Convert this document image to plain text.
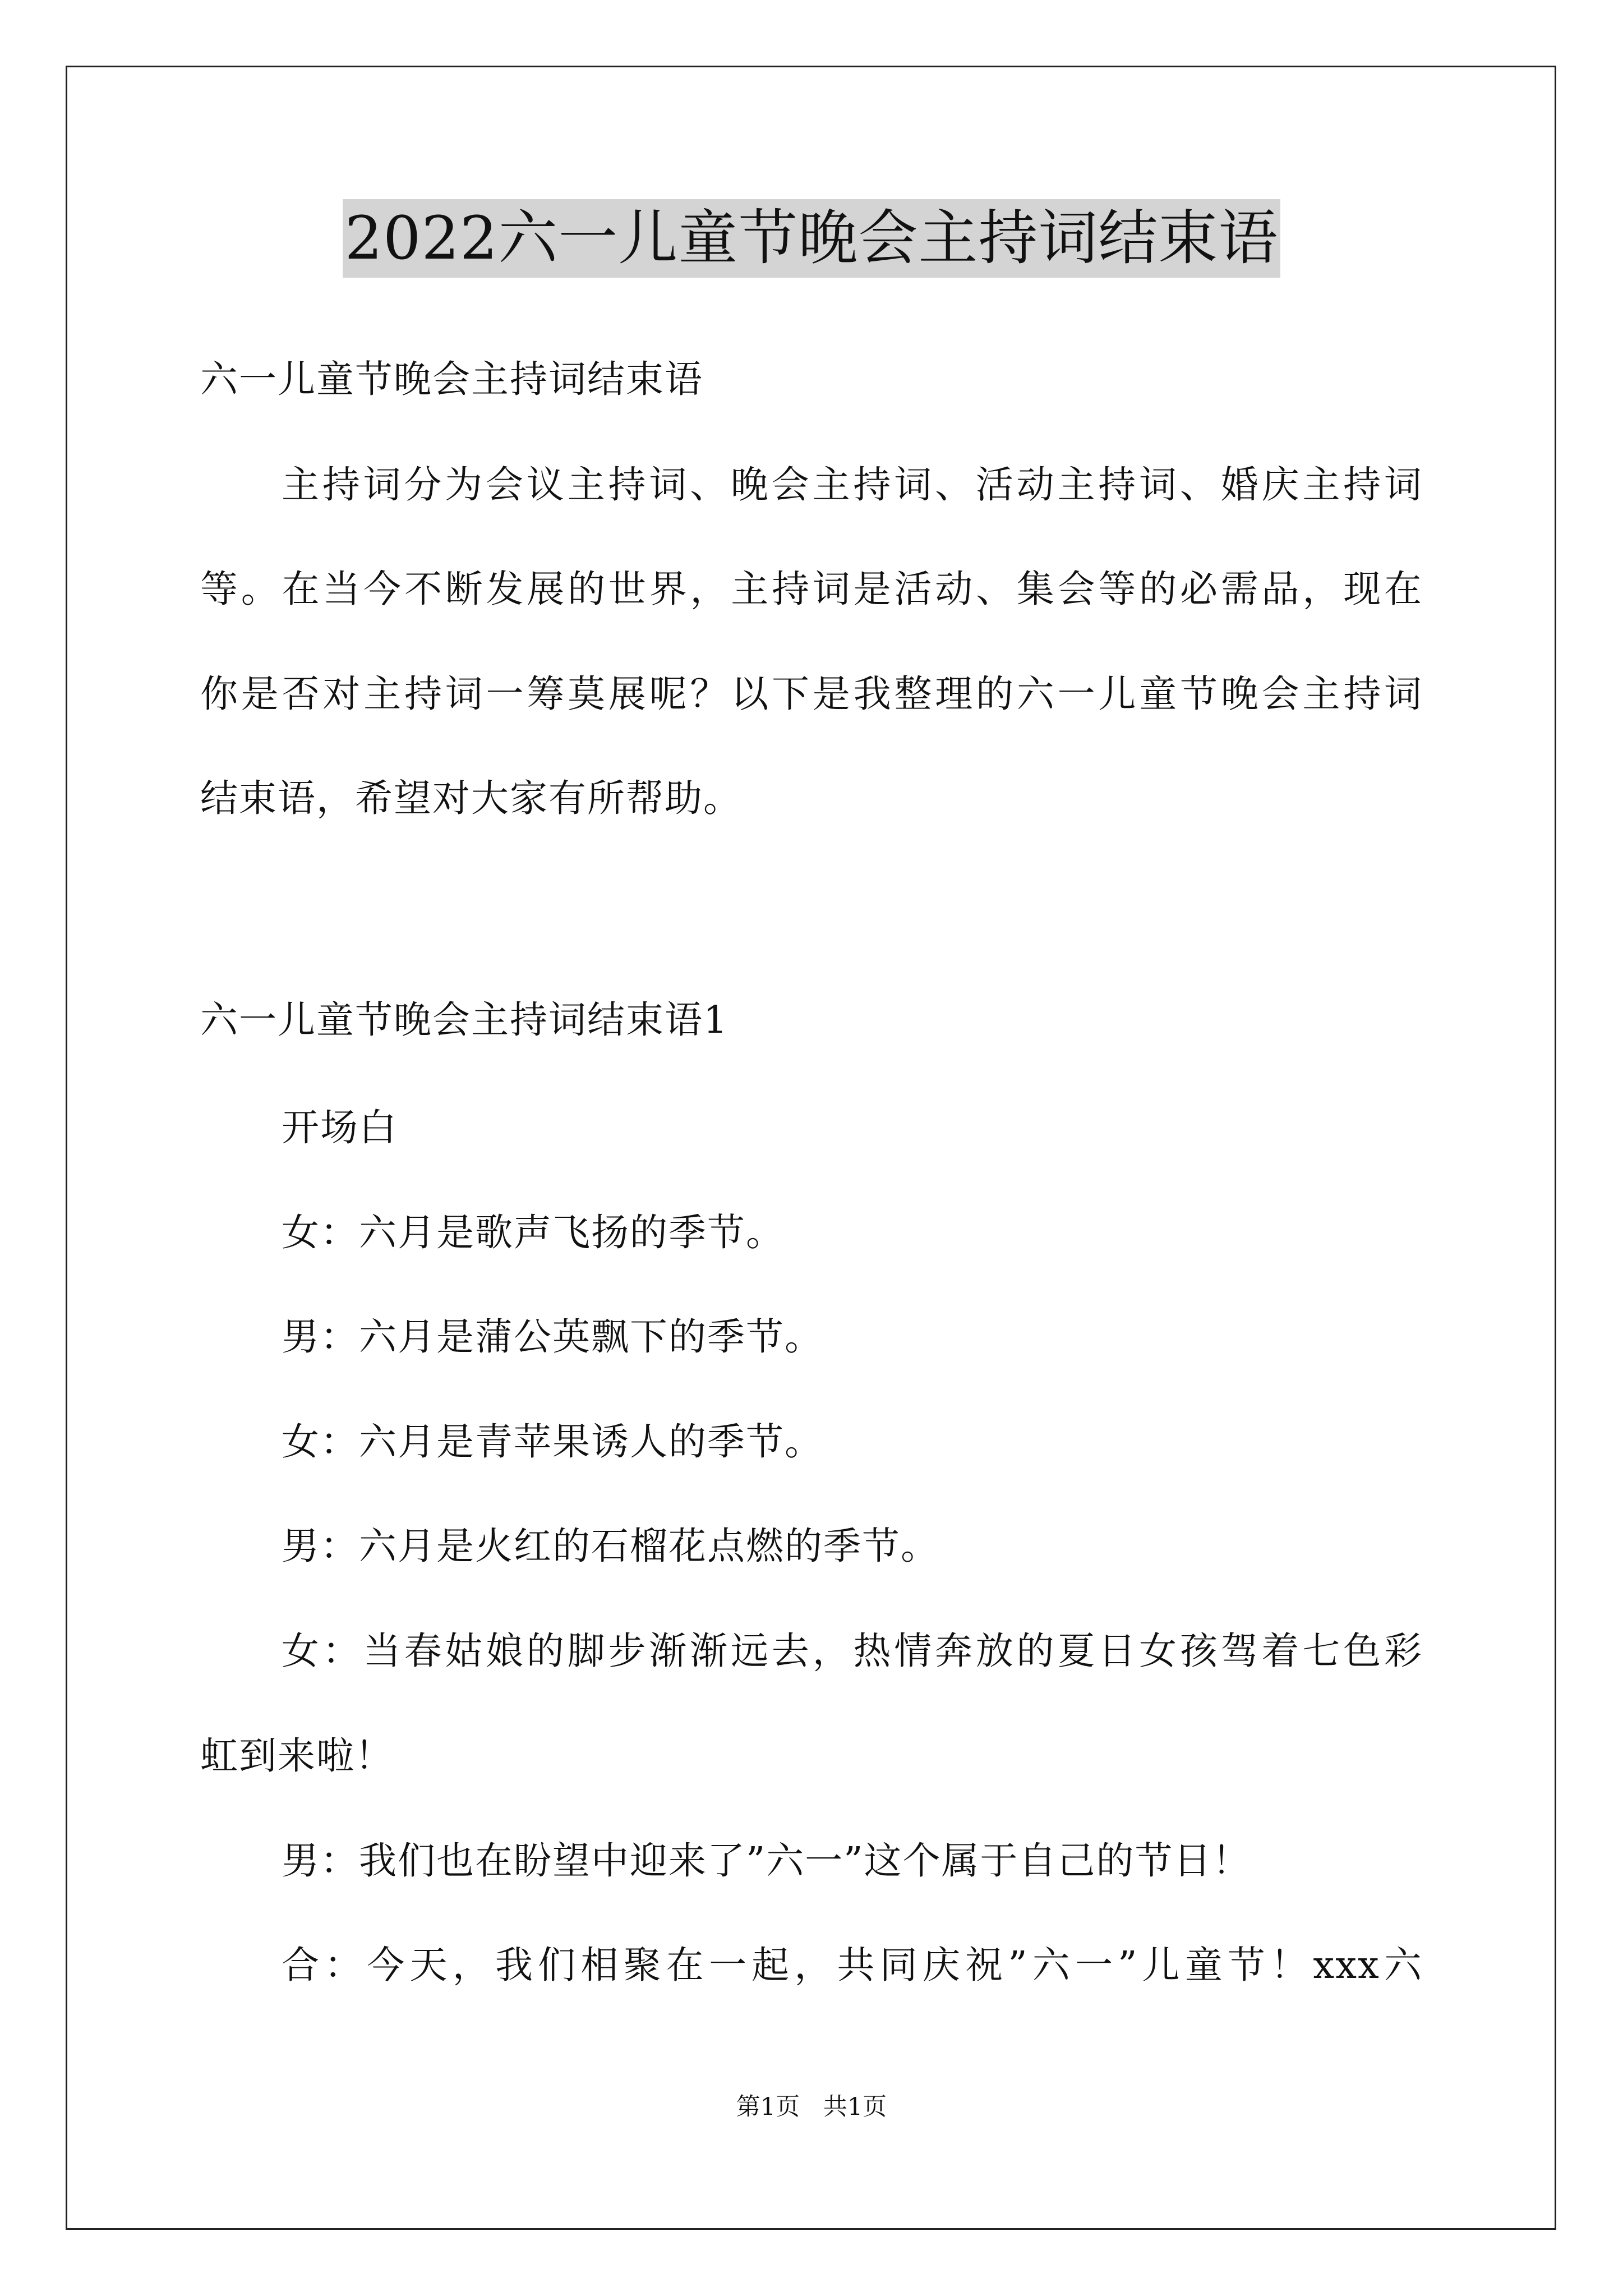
2022六一儿童节晚会主持词结束语
六一儿童节晚会主持词结束语
主持词分为会议主持词、晚会主持词、活动主持词、婚庆主持词
等。在当今不断发展的世界，主持词是活动、集会等的必需品，现在
你是否对主持词一筹莫展呢？以下是我整理的六一儿童节晚会主持词
结束语，希望对大家有所帮助。
六一儿童节晚会主持词结束语1
开场白
女：六月是歌声飞扬的季节。
男：六月是蒲公英飘下的季节。
女：六月是青苹果诱人的季节。
男：六月是火红的石榴花点燃的季节。
女：当春姑娘的脚步渐渐远去，热情奔放的夏日女孩驾着七色彩
虹到来啦！
男：我们也在盼望中迎来了”六一”这个属于自己的节日！
合：今天，我们相聚在一起，共同庆祝”六一”儿童节！xxx六
第1页 共1页
